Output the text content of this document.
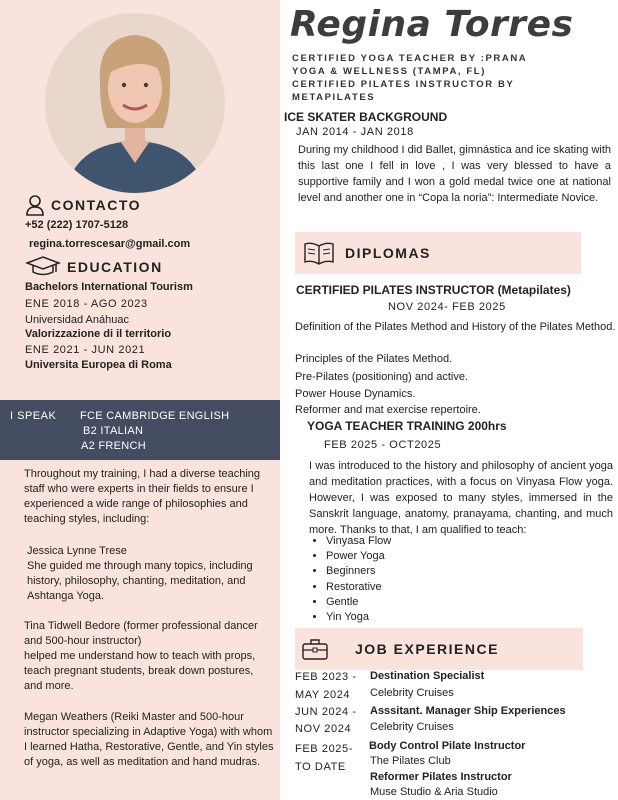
CONTACTO
+52 (222) 1707-5128
regina.torrescesar@gmail.com
EDUCATION
Bachelors International Tourism
ENE 2018 - AGO 2023
Universidad Anáhuac
Valorizzazione di il territorio
ENE 2021 - JUN 2021
Universita Europea di Roma
I SPEAK FCE CAMBRIDGE ENGLISH
B2 ITALIAN
A2 FRENCH
Throughout my training, I had a diverse teaching staff who were experts in their fields to ensure I experienced a wide range of philosophies and teaching styles, including:
Jessica Lynne Trese
She guided me through many topics, including history, philosophy, chanting, meditation, and Ashtanga Yoga.
Tina Tidwell Bedore (former professional dancer and 500-hour instructor)
helped me understand how to teach with props, teach pregnant students, break down postures, and more.
Megan Weathers (Reiki Master and 500-hour instructor specializing in Adaptive Yoga) with whom I learned Hatha, Restorative, Gentle, and Yin styles of yoga, as well as meditation and hand mudras.
Regina Torres
CERTIFIED YOGA TEACHER BY :PRANA
YOGA & WELLNESS (TAMPA, FL)
CERTIFIED PILATES INSTRUCTOR BY
METAPILATES
ICE SKATER BACKGROUND
JAN 2014 - JAN 2018
During my childhood I did Ballet, gimnástica and ice skating with this last one I fell in love , I was very blessed to have a supportive family and I won a gold medal twice one at national level and another one in “Copa la noria”: Intermediate Novice.
DIPLOMAS
CERTIFIED PILATES INSTRUCTOR (Metapilates)
NOV 2024- FEB 2025
Definition of the Pilates Method and History of the Pilates Method.
Principles of the Pilates Method.
Pre-Pilates (positioning) and active.
Power House Dynamics.
Reformer and mat exercise repertoire.
YOGA TEACHER TRAINING 200hrs
FEB 2025 - OCT2025
I was introduced to the history and philosophy of ancient yoga and meditation practices, with a focus on Vinyasa Flow yoga. However, I was exposed to many styles, immersed in the Sanskrit language, anatomy, pranayama, chanting, and much more. Thanks to that, I am qualified to teach:
• Vinyasa Flow
• Power Yoga
• Beginners
• Restorative
• Gentle
• Yin Yoga
JOB EXPERIENCE
FEB 2023 -
MAY 2024
JUN 2024 -
NOV 2024
FEB 2025-
TO DATE
Destination Specialist
Celebrity Cruises
Asssitant. Manager Ship Experiences
Celebrity Cruises
Body Control Pilate Instructor
The Pilates Club
Reformer Pilates Instructor
Muse Studio & Aria Studio
